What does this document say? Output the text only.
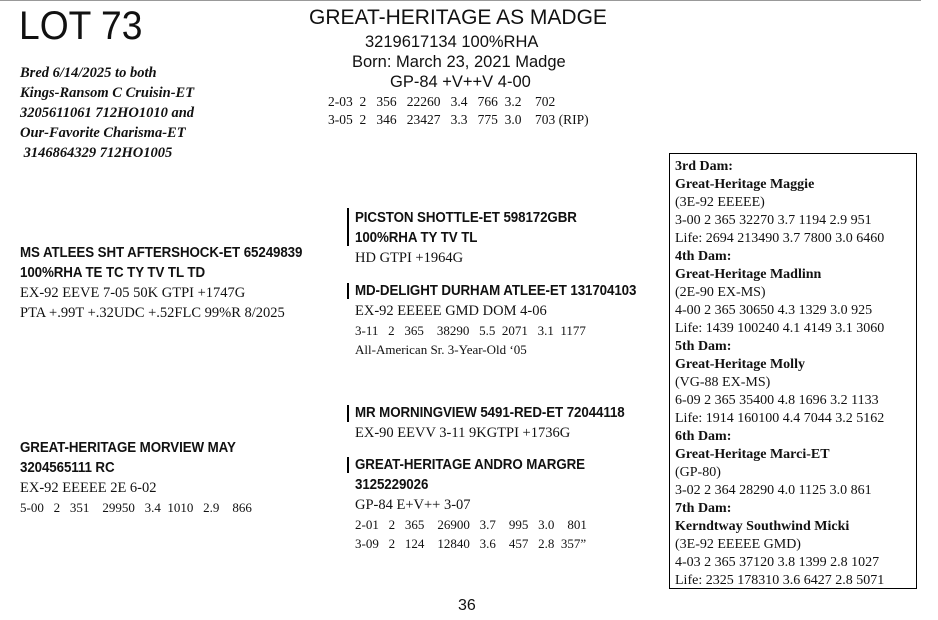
LOT 73	GREAT-HERITAGE AS MADGE
3219617134 100%RHA
Born: March 23, 2021 Madge
GP-84 +V++V 4-00
2-03  2   356   22260   3.4   766  3.2    702
3-05  2   346   23427   3.3   775  3.0    703 (RIP)
Bred 6/14/2025 to both
Kings-Ransom C Cruisin-ET
3205611061 712HO1010 and
Our-Favorite Charisma-ET
3146864329 712HO1005
MS ATLEES SHT AFTERSHOCK-ET 65249839
100%RHA TE TC TY TV TL TD
EX-92 EEVE 7-05 50K GTPI +1747G
PTA +.99T +.32UDC +.52FLC 99%R 8/2025
PICSTON SHOTTLE-ET 598172GBR
100%RHA TY TV TL
HD GTPI +1964G
MD-DELIGHT DURHAM ATLEE-ET 131704103
EX-92 EEEEE GMD DOM 4-06
3-11   2   365    38290   5.5  2071   3.1  1177
All-American Sr. 3-Year-Old ‘05
GREAT-HERITAGE MORVIEW MAY
3204565111 RC
EX-92 EEEEE 2E 6-02
5-00   2   351    29950   3.4  1010   2.9    866
MR MORNINGVIEW 5491-RED-ET 72044118
EX-90 EEVV 3-11 9KGTPI +1736G
GREAT-HERITAGE ANDRO MARGRE
3125229026
GP-84 E+V++ 3-07
2-01   2   365    26900   3.7    995   3.0    801
3-09   2   124    12840   3.6    457   2.8  357”
3rd Dam:
Great-Heritage Maggie
(3E-92 EEEEE)
3-00 2 365 32270 3.7 1194 2.9 951
Life: 2694 213490 3.7 7800 3.0 6460
4th Dam:
Great-Heritage Madlinn
(2E-90 EX-MS)
4-00 2 365 30650 4.3 1329 3.0 925
Life: 1439 100240 4.1 4149 3.1 3060
5th Dam:
Great-Heritage Molly
(VG-88 EX-MS)
6-09 2 365 35400 4.8 1696 3.2 1133
Life: 1914 160100 4.4 7044 3.2 5162
6th Dam:
Great-Heritage Marci-ET
(GP-80)
3-02 2 364 28290 4.0 1125 3.0 861
7th Dam:
Kerndtway Southwind Micki
(3E-92 EEEEE GMD)
4-03 2 365 37120 3.8 1399 2.8 1027
Life: 2325 178310 3.6 6427 2.8 5071
36
